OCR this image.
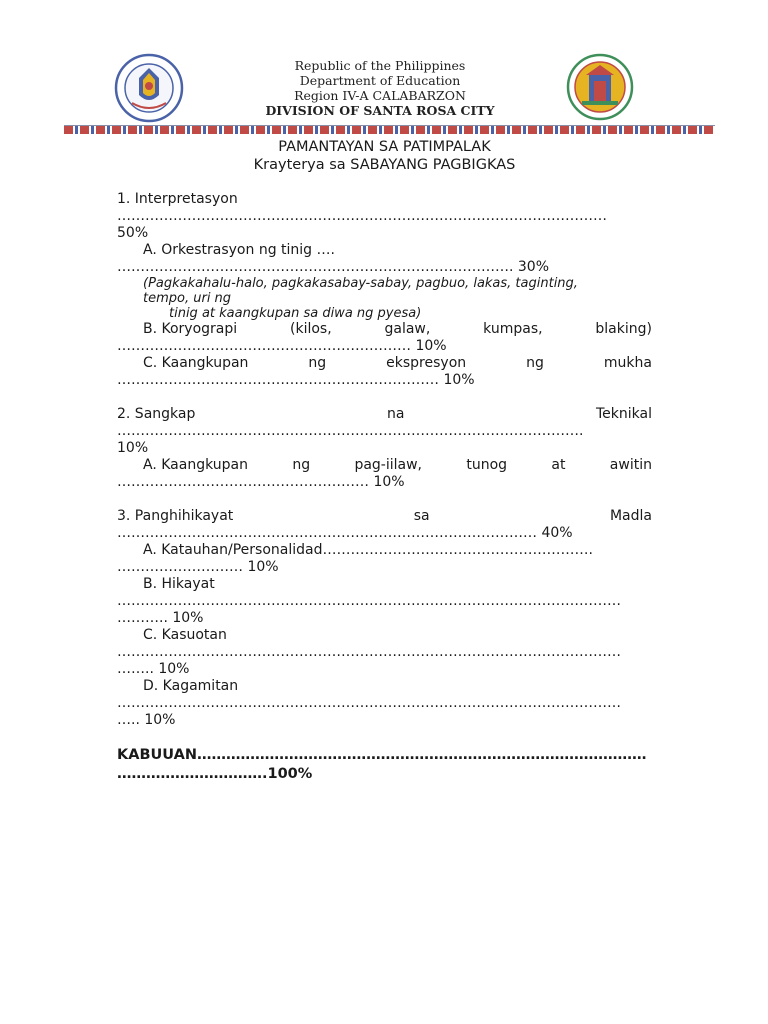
Republic of the Philippines
Department of Education
Region IV-A CALABARZON
DIVISION OF SANTA ROSA CITY
PAMANTAYAN SA PATIMPALAK
Krayterya sa SABAYANG PAGBIGKAS
1. Interpretasyon
……………………………………………………………………………………………
50%
A. Orkestrasyon ng tinig ….
…………………………………………………………………………. 30%
(Pagkakahalu-halo, pagkakasabay-sabay, pagbuo, lakas, taginting,
tempo, uri ng
tinig at kaangkupan sa diwa ng pyesa)
B. Koryograpi	(kilos,	galaw,	kumpas,	blaking)
……………………………………………………… 10%
C. Kaangkupan	ng	ekspresyon	ng	mukha
…………………………………………………………… 10%
2. Sangkap	na	Teknikal
……………………………………………………………………………………….
10%
A. Kaangkupan	ng	pag-iilaw,	tunog	at	awitin
……………………………………………… 10%
3. Panghihikayat	sa	Madla
……………………………………………………………………………… 40%
A. Katauhan/Personalidad………………………………………………….
……………………… 10%
B. Hikayat
………………………………………………………………………………………………
……….. 10%
C. Kasuotan
………………………………………………………………………………………………
…….. 10%
D. Kagamitan
………………………………………………………………………………………………
….. 10%
KABUUAN…………………………………………………………………………………
………………………….100%
